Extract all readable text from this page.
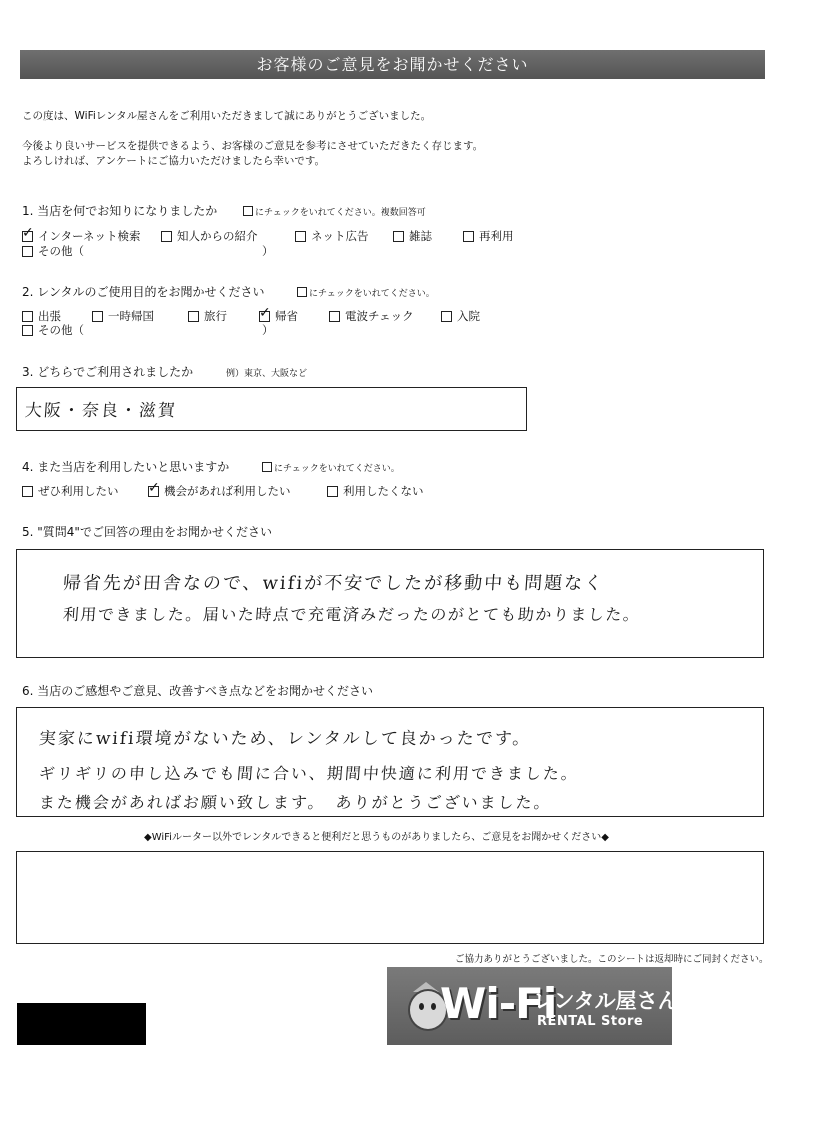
お客様のご意見をお聞かせください
この度は、WiFiレンタル屋さんをご利用いただきまして誠にありがとうございました。
今後より良いサービスを提供できるよう、お客様のご意見を参考にさせていただきたく存じます。
よろしければ、アンケートにご協力いただけましたら幸いです。
1. 当店を何でお知りになりましたか	にチェックをいれてください。複数回答可
✓
インターネット検索	知人からの紹介	ネット広告	雑誌	再利用
その他（	）
2. レンタルのご使用目的をお聞かせください	にチェックをいれてください。
出張	一時帰国	旅行 ✓	帰省	電波チェック	入院
その他（	）
3. どちらでご利用されましたか	例）東京、大阪など
大阪・奈良・滋賀
4. また当店を利用したいと思いますか	にチェックをいれてください。
ぜひ利用したい ✓	機会があれば利用したい	利用したくない
5. "質問4"でご回答の理由をお聞かせください
帰省先が田舎なので、wifiが不安でしたが移動中も問題なく
利用できました。届いた時点で充電済みだったのがとても助かりました。
6. 当店のご感想やご意見、改善すべき点などをお聞かせください
実家にwifi環境がないため、レンタルして良かったです。
ギリギリの申し込みでも間に合い、期間中快適に利用できました。
また機会があればお願い致します。　ありがとうございました。
◆WiFiルーター以外でレンタルできると便利だと思うものがありましたら、ご意見をお聞かせください◆
ご協力ありがとうございました。このシートは返却時にご同封ください。
Wi-Fi
レンタル屋さん
RENTAL Store
